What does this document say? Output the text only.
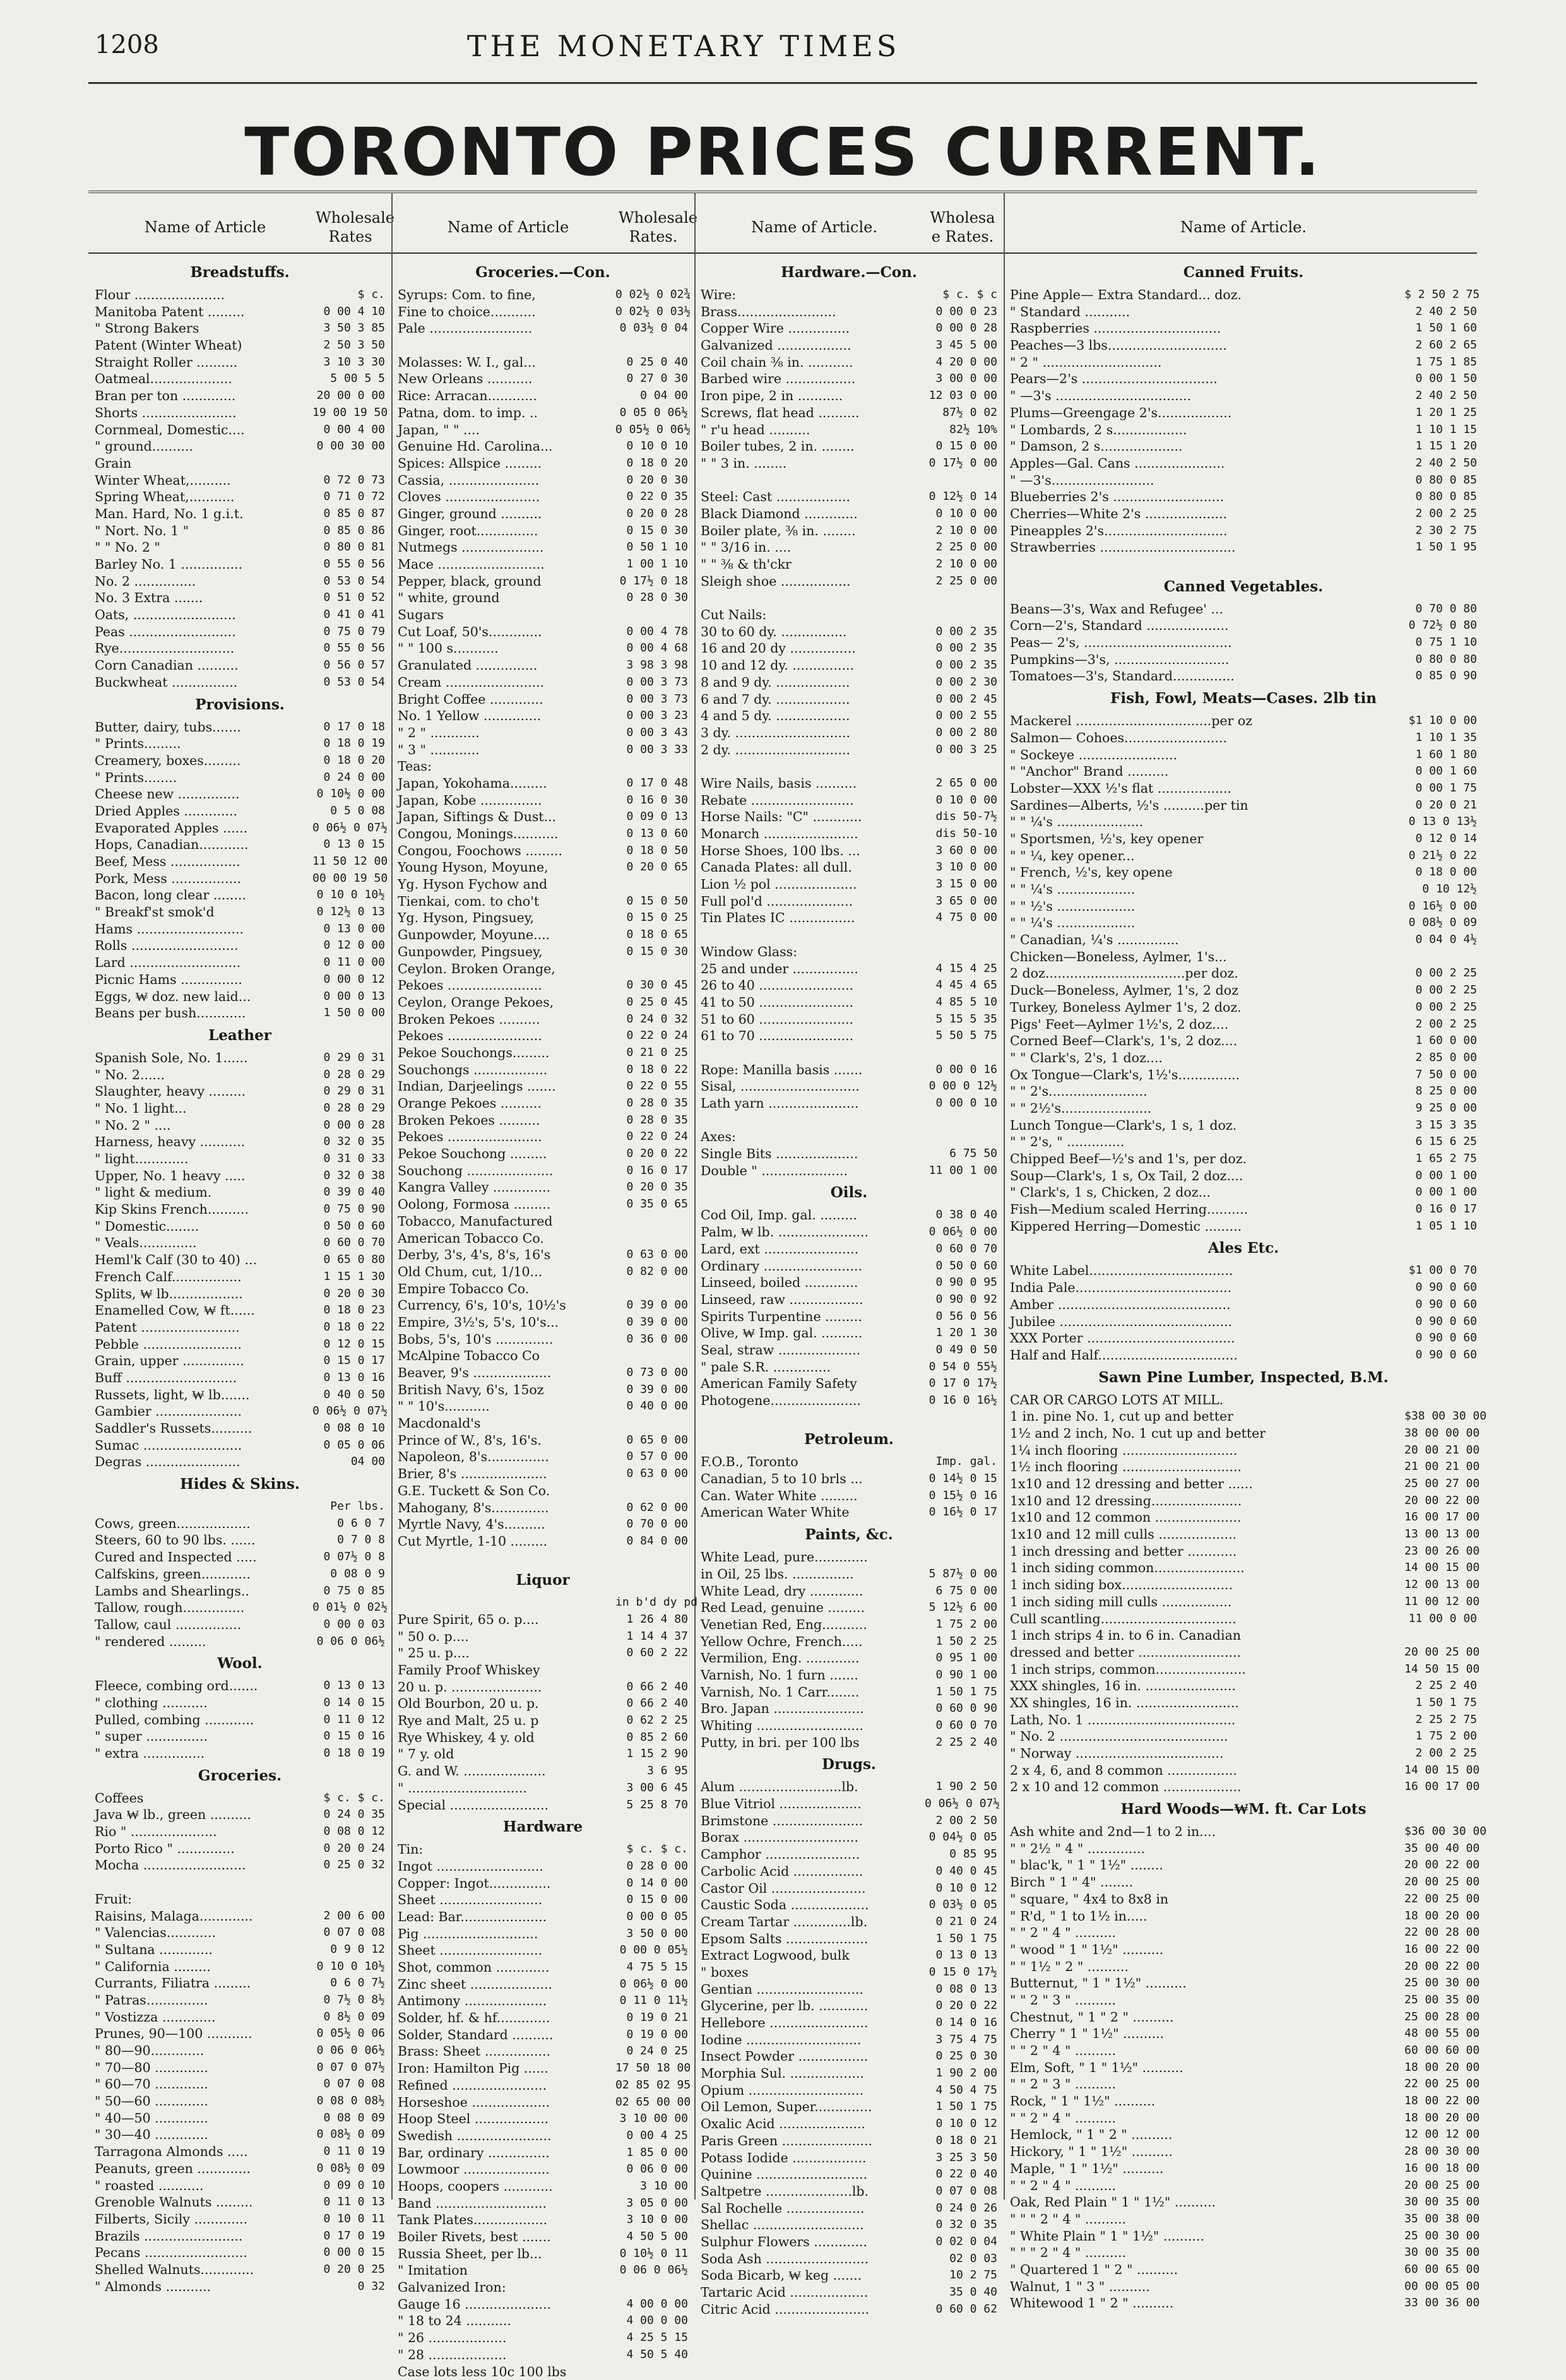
1208	THE MONETARY TIMES
TORONTO PRICES CURRENT.
Name of Article
Wholesale Rates
Name of Article
Wholesale Rates.
Name of Article.
Wholesa e Rates.
Name of Article.
Breadstuffs.
Flour ......................	$ c.
Manitoba Patent .........	0 00 4 10
" Strong Bakers	3 50 3 85
Patent (Winter Wheat)	2 50 3 50
Straight Roller ..........	3 10 3 30
Oatmeal....................	5 00 5 5
Bran per ton .............	20 00 0 00
Shorts .......................	19 00 19 50
Cornmeal, Domestic....	0 00 4 00
" ground..........	0 00 30 00
Grain
Winter Wheat,..........	0 72 0 73
Spring Wheat,...........	0 71 0 72
Man. Hard, No. 1 g.i.t.	0 85 0 87
" Nort. No. 1 "	0 85 0 86
" " No. 2 "	0 80 0 81
Barley No. 1 ...............	0 55 0 56
No. 2 ...............	0 53 0 54
No. 3 Extra .......	0 51 0 52
Oats, .........................	0 41 0 41
Peas ..........................	0 75 0 79
Rye............................	0 55 0 56
Corn Canadian ..........	0 56 0 57
Buckwheat ................	0 53 0 54
Provisions.
Butter, dairy, tubs.......	0 17 0 18
" Prints.........	0 18 0 19
Creamery, boxes.........	0 18 0 20
" Prints........	0 24 0 00
Cheese new ...............	0 10½ 0 00
Dried Apples .............	0 5 0 08
Evaporated Apples ......	0 06½ 0 07½
Hops, Canadian............	0 13 0 15
Beef, Mess .................	11 50 12 00
Pork, Mess .................	00 00 19 50
Bacon, long clear ........	0 10 0 10½
" Breakf'st smok'd	0 12½ 0 13
Hams ..........................	0 13 0 00
Rolls ..........................	0 12 0 00
Lard ...........................	0 11 0 00
Picnic Hams ...............	0 00 0 12
Eggs, ₩ doz. new laid...	0 00 0 13
Beans per bush............	1 50 0 00
Leather
Spanish Sole, No. 1......	0 29 0 31
" No. 2......	0 28 0 29
Slaughter, heavy .........	0 29 0 31
" No. 1 light...	0 28 0 29
" No. 2 " ....	0 00 0 28
Harness, heavy ...........	0 32 0 35
" light.............	0 31 0 33
Upper, No. 1 heavy .....	0 32 0 38
" light & medium.	0 39 0 40
Kip Skins French..........	0 75 0 90
" Domestic........	0 50 0 60
" Veals..............	0 60 0 70
Heml'k Calf (30 to 40) ...	0 65 0 80
French Calf.................	1 15 1 30
Splits, ₩ lb..................	0 20 0 30
Enamelled Cow, ₩ ft......	0 18 0 23
Patent ........................	0 18 0 22
Pebble ........................	0 12 0 15
Grain, upper ...............	0 15 0 17
Buff ...........................	0 13 0 16
Russets, light, ₩ lb.......	0 40 0 50
Gambier .....................	0 06½ 0 07½
Saddler's Russets..........	0 08 0 10
Sumac ........................	0 05 0 06
Degras .......................	04 00
Hides & Skins.
Per lbs.
Cows, green..................	0 6 0 7
Steers, 60 to 90 lbs. ......	0 7 0 8
Cured and Inspected .....	0 07½ 0 8
Calfskins, green............	0 08 0 9
Lambs and Shearlings..	0 75 0 85
Tallow, rough...............	0 01½ 0 02½
Tallow, caul ................	0 00 0 03
" rendered .........	0 06 0 06½
Wool.
Fleece, combing ord.......	0 13 0 13
" clothing ...........	0 14 0 15
Pulled, combing ............	0 11 0 12
" super ...............	0 15 0 16
" extra ...............	0 18 0 19
Groceries.
Coffees	$ c. $ c.
Java ₩ lb., green ..........	0 24 0 35
Rio " .....................	0 08 0 12
Porto Rico " ..............	0 20 0 24
Mocha .........................	0 25 0 32
Fruit:
Raisins, Malaga.............	2 00 6 00
" Valencias............	0 07 0 08
" Sultana .............	0 9 0 12
" California .........	0 10 0 10½
Currants, Filiatra .........	0 6 0 7½
" Patras...............	0 7½ 0 8½
" Vostizza .............	0 8½ 0 09
Prunes, 90—100 ...........	0 05½ 0 06
" 80—90.............	0 06 0 06½
" 70—80 .............	0 07 0 07½
" 60—70 .............	0 07 0 08
" 50—60 .............	0 08 0 08½
" 40—50 .............	0 08 0 09
" 30—40 .............	0 08½ 0 09
Tarragona Almonds .....	0 11 0 19
Peanuts, green .............	0 08½ 0 09
" roasted ...........	0 09 0 10
Grenoble Walnuts .........	0 11 0 13
Filberts, Sicily .............	0 10 0 11
Brazils ........................	0 17 0 19
Pecans .........................	0 00 0 15
Shelled Walnuts.............	0 20 0 25
" Almonds ...........	0 32
Groceries.—Con.
Syrups: Com. to fine,	0 02½ 0 02¾
Fine to choice...........	0 02½ 0 03½
Pale .........................	0 03½ 0 04
Molasses: W. I., gal...	0 25 0 40
New Orleans ...........	0 27 0 30
Rice: Arracan............	0 04 00
Patna, dom. to imp. ..	0 05 0 06½
Japan, " " ....	0 05½ 0 06½
Genuine Hd. Carolina...	0 10 0 10
Spices: Allspice .........	0 18 0 20
Cassia, ......................	0 20 0 30
Cloves .......................	0 22 0 35
Ginger, ground ..........	0 20 0 28
Ginger, root...............	0 15 0 30
Nutmegs ....................	0 50 1 10
Mace ..........................	1 00 1 10
Pepper, black, ground	0 17½ 0 18
" white, ground	0 28 0 30
Sugars
Cut Loaf, 50's.............	0 00 4 78
" " 100 s...........	0 00 4 68
Granulated ...............	3 98 3 98
Cream ........................	0 00 3 73
Bright Coffee .............	0 00 3 73
No. 1 Yellow ..............	0 00 3 23
" 2 " ............	0 00 3 43
" 3 " ............	0 00 3 33
Teas:
Japan, Yokohama.........	0 17 0 48
Japan, Kobe ...............	0 16 0 30
Japan, Siftings & Dust...	0 09 0 13
Congou, Monings...........	0 13 0 60
Congou, Foochows .........	0 18 0 50
Young Hyson, Moyune,	0 20 0 65
Yg. Hyson Fychow and
Tienkai, com. to cho't	0 15 0 50
Yg. Hyson, Pingsuey,	0 15 0 25
Gunpowder, Moyune....	0 18 0 65
Gunpowder, Pingsuey,	0 15 0 30
Ceylon. Broken Orange,
Pekoes .......................	0 30 0 45
Ceylon, Orange Pekoes,	0 25 0 45
Broken Pekoes ..........	0 24 0 32
Pekoes .......................	0 22 0 24
Pekoe Souchongs.........	0 21 0 25
Souchongs ..................	0 18 0 22
Indian, Darjeelings .......	0 22 0 55
Orange Pekoes ..........	0 28 0 35
Broken Pekoes ..........	0 28 0 35
Pekoes .......................	0 22 0 24
Pekoe Souchong .........	0 20 0 22
Souchong .....................	0 16 0 17
Kangra Valley ..............	0 20 0 35
Oolong, Formosa .........	0 35 0 65
Tobacco, Manufactured
American Tobacco Co.
Derby, 3's, 4's, 8's, 16's	0 63 0 00
Old Chum, cut, 1/10...	0 82 0 00
Empire Tobacco Co.
Currency, 6's, 10's, 10½'s	0 39 0 00
Empire, 3½'s, 5's, 10's...	0 39 0 00
Bobs, 5's, 10's ..............	0 36 0 00
McAlpine Tobacco Co
Beaver, 9's ...................	0 73 0 00
British Navy, 6's, 15oz	0 39 0 00
" " 10's...........	0 40 0 00
Macdonald's
Prince of W., 8's, 16's.	0 65 0 00
Napoleon, 8's...............	0 57 0 00
Brier, 8's .....................	0 63 0 00
G.E. Tuckett & Son Co.
Mahogany, 8's..............	0 62 0 00
Myrtle Navy, 4's..........	0 70 0 00
Cut Myrtle, 1-10 .........	0 84 0 00
Liquor
in b'd dy pd
Pure Spirit, 65 o. p....	1 26 4 80
" 50 o. p....	1 14 4 37
" 25 u. p....	0 60 2 22
Family Proof Whiskey
20 u. p. ......................	0 66 2 40
Old Bourbon, 20 u. p.	0 66 2 40
Rye and Malt, 25 u. p	0 62 2 25
Rye Whiskey, 4 y. old	0 85 2 60
" 7 y. old	1 15 2 90
G. and W. ....................	3 6 95
" .............................	3 00 6 45
Special ........................	5 25 8 70
Hardware
Tin:	$ c. $ c.
Ingot ..........................	0 28 0 00
Copper: Ingot...............	0 14 0 00
Sheet .........................	0 15 0 00
Lead: Bar.....................	0 00 0 05
Pig ............................	3 50 0 00
Sheet .........................	0 00 0 05½
Shot, common .............	4 75 5 15
Zinc sheet ....................	0 06½ 0 00
Antimony ....................	0 11 0 11½
Solder, hf. & hf.............	0 19 0 21
Solder, Standard ..........	0 19 0 00
Brass: Sheet ................	0 24 0 25
Iron: Hamilton Pig ......	17 50 18 00
Refined .......................	02 85 02 95
Horseshoe ...................	02 65 00 00
Hoop Steel ..................	3 10 00 00
Swedish .......................	0 00 4 25
Bar, ordinary ...............	1 85 0 00
Lowmoor .....................	0 06 0 00
Hoops, coopers ............	3 10 00
Band ...........................	3 05 0 00
Tank Plates..................	3 10 0 00
Boiler Rivets, best .......	4 50 5 00
Russia Sheet, per lb...	0 10½ 0 11
" Imitation	0 06 0 06½
Galvanized Iron:
Gauge 16 .....................	4 00 0 00
" 18 to 24 ...........	4 00 0 00
" 26 ...................	4 25 5 15
" 28 ...................	4 50 5 40
Case lots less 10c 100 lbs
Hardware.—Con.
Wire:	$ c. $ c
Brass........................	0 00 0 23
Copper Wire ...............	0 00 0 28
Galvanized ..................	3 45 5 00
Coil chain ⅜ in. ...........	4 20 0 00
Barbed wire .................	3 00 0 00
Iron pipe, 2 in ...........	12 03 0 00
Screws, flat head ..........	87½ 0 02
" r'u head ..........	82½ 10%
Boiler tubes, 2 in. ........	0 15 0 00
" " 3 in. ........	0 17½ 0 00
Steel: Cast ..................	0 12½ 0 14
Black Diamond .............	0 10 0 00
Boiler plate, ⅜ in. ........	2 10 0 00
" " 3/16 in. ....	2 25 0 00
" " ⅜ & th'ckr	2 10 0 00
Sleigh shoe .................	2 25 0 00
Cut Nails:
30 to 60 dy. ................	0 00 2 35
16 and 20 dy ................	0 00 2 35
10 and 12 dy. ...............	0 00 2 35
8 and 9 dy. ..................	0 00 2 30
6 and 7 dy. ..................	0 00 2 45
4 and 5 dy. ..................	0 00 2 55
3 dy. ............................	0 00 2 80
2 dy. ............................	0 00 3 25
Wire Nails, basis ..........	2 65 0 00
Rebate .........................	0 10 0 00
Horse Nails: "C" ............	dis 50-7½
Monarch .......................	dis 50-10
Horse Shoes, 100 lbs. ...	3 60 0 00
Canada Plates: all dull.	3 10 0 00
Lion ½ pol ....................	3 15 0 00
Full pol'd .....................	3 65 0 00
Tin Plates IC ................	4 75 0 00
Window Glass:
25 and under ................	4 15 4 25
26 to 40 .......................	4 45 4 65
41 to 50 .......................	4 85 5 10
51 to 60 .......................	5 15 5 35
61 to 70 .......................	5 50 5 75
Rope: Manilla basis .......	0 00 0 16
Sisal, .............................	0 00 0 12½
Lath yarn ......................	0 00 0 10
Axes:
Single Bits ....................	6 75 50
Double " .....................	11 00 1 00
Oils.
Cod Oil, Imp. gal. .........	0 38 0 40
Palm, ₩ lb. ......................	0 06½ 0 00
Lard, ext .......................	0 60 0 70
Ordinary ........................	0 50 0 60
Linseed, boiled .............	0 90 0 95
Linseed, raw ..................	0 90 0 92
Spirits Turpentine .........	0 56 0 56
Olive, ₩ Imp. gal. ..........	1 20 1 30
Seal, straw ....................	0 49 0 50
" pale S.R. ..............	0 54 0 55½
American Family Safety	0 17 0 17½
Photogene......................	0 16 0 16½
Petroleum.
F.O.B., Toronto	Imp. gal.
Canadian, 5 to 10 brls ...	0 14½ 0 15
Can. Water White .........	0 15½ 0 16
American Water White	0 16½ 0 17
Paints, &c.
White Lead, pure.............
in Oil, 25 lbs. ...............	5 87½ 0 00
White Lead, dry .............	6 75 0 00
Red Lead, genuine .........	5 12½ 6 00
Venetian Red, Eng...........	1 75 2 00
Yellow Ochre, French.....	1 50 2 25
Vermilion, Eng. .............	0 95 1 00
Varnish, No. 1 furn .......	0 90 1 00
Varnish, No. 1 Carr........	1 50 1 75
Bro. Japan ......................	0 60 0 90
Whiting ..........................	0 60 0 70
Putty, in bri. per 100 lbs	2 25 2 40
Drugs.
Alum .........................lb.	1 90 2 50
Blue Vitriol ....................	0 06½ 0 07½
Brimstone ......................	2 00 2 50
Borax ............................	0 04½ 0 05
Camphor .......................	0 85 95
Carbolic Acid .................	0 40 0 45
Castor Oil .......................	0 10 0 12
Caustic Soda ...................	0 03½ 0 05
Cream Tartar ..............lb.	0 21 0 24
Epsom Salts ....................	1 50 1 75
Extract Logwood, bulk	0 13 0 13
" boxes	0 15 0 17½
Gentian ..........................	0 08 0 13
Glycerine, per lb. ............	0 20 0 22
Hellebore ........................	0 14 0 16
Iodine ............................	3 75 4 75
Insect Powder .................	0 25 0 30
Morphia Sul. ..................	1 90 2 00
Opium ............................	4 50 4 75
Oil Lemon, Super..............	1 50 1 75
Oxalic Acid .....................	0 10 0 12
Paris Green ......................	0 18 0 21
Potass Iodide ..................	3 25 3 50
Quinine ...........................	0 22 0 40
Saltpetre .....................lb.	0 07 0 08
Sal Rochelle ...................	0 24 0 26
Shellac ...........................	0 32 0 35
Sulphur Flowers .............	0 02 0 04
Soda Ash .........................	02 0 03
Soda Bicarb, ₩ keg .......	10 2 75
Tartaric Acid ...................	35 0 40
Citric Acid .......................	0 60 0 62
Canned Fruits.
Pine Apple— Extra Standard... doz.	$ 2 50 2 75
" Standard ...........	2 40 2 50
Raspberries ...............................	1 50 1 60
Peaches—3 lbs.............................	2 60 2 65
" 2 " .............................	1 75 1 85
Pears—2's .................................	0 00 1 50
" —3's .................................	2 40 2 50
Plums—Greengage 2's..................	1 20 1 25
" Lombards, 2 s..................	1 10 1 15
" Damson, 2 s....................	1 15 1 20
Apples—Gal. Cans ......................	2 40 2 50
" —3's.........................	0 80 0 85
Blueberries 2's ...........................	0 80 0 85
Cherries—White 2's ....................	2 00 2 25
Pineapples 2's..............................	2 30 2 75
Strawberries .................................	1 50 1 95
Canned Vegetables.
Beans—3's, Wax and Refugee' ...	0 70 0 80
Corn—2's, Standard ....................	0 72½ 0 80
Peas— 2's, ....................................	0 75 1 10
Pumpkins—3's, ............................	0 80 0 80
Tomatoes—3's, Standard...............	0 85 0 90
Fish, Fowl, Meats—Cases. 2lb tin
Mackerel .................................per oz	$1 10 0 00
Salmon— Cohoes.........................	1 10 1 35
" Sockeye ........................	1 60 1 80
" "Anchor" Brand ..........	0 00 1 60
Lobster—XXX ½'s flat ..................	0 00 1 75
Sardines—Alberts, ½'s ..........per tin	0 20 0 21
" " ¼'s .....................	0 13 0 13½
" Sportsmen, ½'s, key opener	0 12 0 14
" " ¼, key opener...	0 21½ 0 22
" French, ½'s, key opene	0 18 0 00
" " ¼'s ...................	0 10 12½
" " ½'s ...................	0 16½ 0 00
" " ¼'s ...................	0 08½ 0 09
" Canadian, ¼'s ...............	0 04 0 4½
Chicken—Boneless, Aylmer, 1's...
2 doz..................................per doz.	0 00 2 25
Duck—Boneless, Aylmer, 1's, 2 doz	0 00 2 25
Turkey, Boneless Aylmer 1's, 2 doz.	0 00 2 25
Pigs' Feet—Aylmer 1½'s, 2 doz....	2 00 2 25
Corned Beef—Clark's, 1's, 2 doz....	1 60 0 00
" " Clark's, 2's, 1 doz....	2 85 0 00
Ox Tongue—Clark's, 1½'s...............	7 50 0 00
" " 2's........................	8 25 0 00
" " 2½'s......................	9 25 0 00
Lunch Tongue—Clark's, 1 s, 1 doz.	3 15 3 35
" " 2's, " ..............	6 15 6 25
Chipped Beef—½'s and 1's, per doz.	1 65 2 75
Soup—Clark's, 1 s, Ox Tail, 2 doz....	0 00 1 00
" Clark's, 1 s, Chicken, 2 doz...	0 00 1 00
Fish—Medium scaled Herring..........	0 16 0 17
Kippered Herring—Domestic .........	1 05 1 10
Ales Etc.
White Label...................................	$1 00 0 70
India Pale......................................	0 90 0 60
Amber ..........................................	0 90 0 60
Jubilee ..........................................	0 90 0 60
XXX Porter ....................................	0 90 0 60
Half and Half..................................	0 90 0 60
Sawn Pine Lumber, Inspected, B.M.
CAR OR CARGO LOTS AT MILL.
1 in. pine No. 1, cut up and better	$38 00 30 00
1½ and 2 inch, No. 1 cut up and better	38 00 00 00
1¼ inch flooring ............................	20 00 21 00
1½ inch flooring .............................	21 00 21 00
1x10 and 12 dressing and better ......	25 00 27 00
1x10 and 12 dressing......................	20 00 22 00
1x10 and 12 common .....................	16 00 17 00
1x10 and 12 mill culls ...................	13 00 13 00
1 inch dressing and better ............	23 00 26 00
1 inch siding common......................	14 00 15 00
1 inch siding box...........................	12 00 13 00
1 inch siding mill culls .................	11 00 12 00
Cull scantling.................................	11 00 0 00
1 inch strips 4 in. to 6 in. Canadian
dressed and better .........................	20 00 25 00
1 inch strips, common......................	14 50 15 00
XXX shingles, 16 in. ......................	2 25 2 40
XX shingles, 16 in. .........................	1 50 1 75
Lath, No. 1 ....................................	2 25 2 75
" No. 2 .........................................	1 75 2 00
" Norway ....................................	2 00 2 25
2 x 4, 6, and 8 common .................	14 00 15 00
2 x 10 and 12 common ...................	16 00 17 00
Hard Woods—₩M. ft. Car Lots
Ash white and 2nd—1 to 2 in....	$36 00 30 00
" " 2½ " 4 " ..............	35 00 40 00
" blac'k, " 1 " 1½" ........	20 00 22 00
Birch " 1 " 4" ........	20 00 25 00
" square, " 4x4 to 8x8 in	22 00 25 00
" R'd, " 1 to 1½ in.....	18 00 20 00
" " 2 " 4 " ..........	22 00 28 00
" wood " 1 " 1½" ..........	16 00 22 00
" " 1½ " 2 " ..........	20 00 22 00
Butternut, " 1 " 1½" ..........	25 00 30 00
" " 2 " 3 " ..........	25 00 35 00
Chestnut, " 1 " 2 " ..........	25 00 28 00
Cherry " 1 " 1½" ..........	48 00 55 00
" " 2 " 4 " ..........	60 00 60 00
Elm, Soft, " 1 " 1½" ..........	18 00 20 00
" " 2 " 3 " ..........	22 00 25 00
Rock, " 1 " 1½" ..........	18 00 22 00
" " 2 " 4 " ..........	18 00 20 00
Hemlock, " 1 " 2 " ..........	12 00 12 00
Hickory, " 1 " 1½" ..........	28 00 30 00
Maple, " 1 " 1½" ..........	16 00 18 00
" " 2 " 4 " ..........	20 00 25 00
Oak, Red Plain " 1 " 1½" ..........	30 00 35 00
" " " 2 " 4 " ..........	35 00 38 00
" White Plain " 1 " 1½" ..........	25 00 30 00
" " " 2 " 4 " ..........	30 00 35 00
" Quartered 1 " 2 " ..........	60 00 65 00
Walnut, 1 " 3 " ..........	00 00 05 00
Whitewood 1 " 2 " ..........	33 00 36 00
